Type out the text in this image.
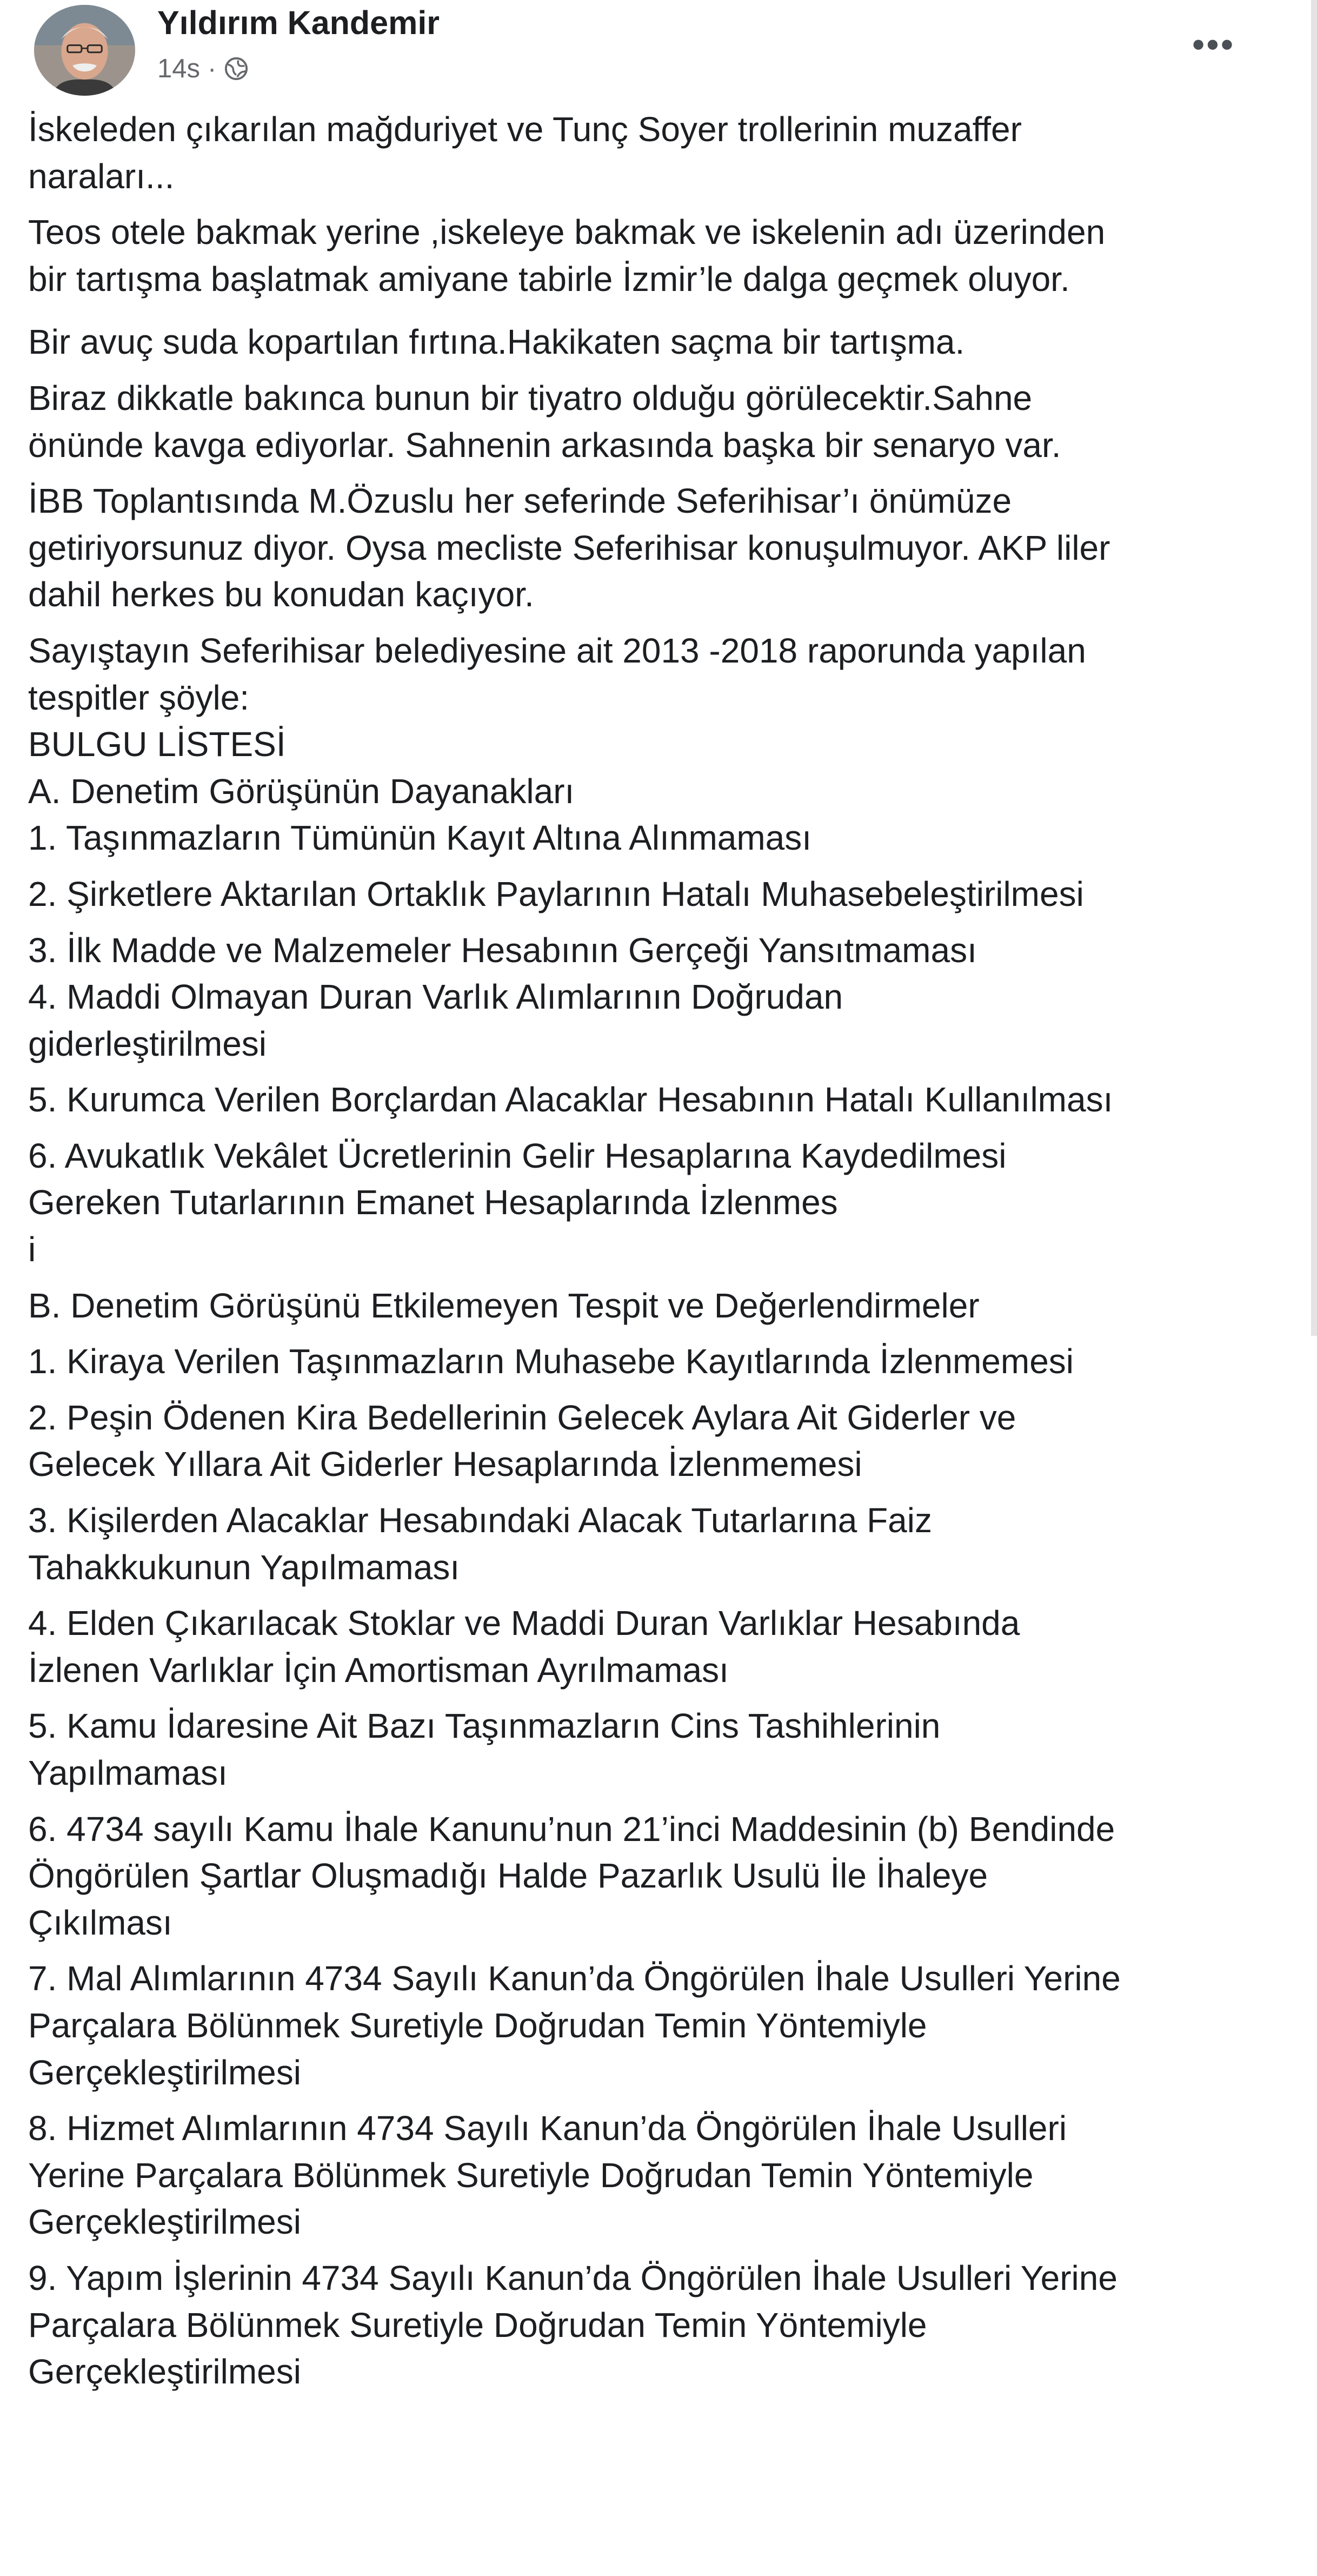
Yıldırım Kandemir
14s ·
•••

İskeleden çıkarılan mağduriyet ve Tunç Soyer trollerinin muzaffer
naraları...

Teos otele bakmak yerine ,iskeleye bakmak ve iskelenin adı üzerinden
bir tartışma başlatmak amiyane tabirle İzmir’le dalga geçmek oluyor.

Bir avuç suda kopartılan fırtına.Hakikaten saçma bir tartışma.

Biraz dikkatle bakınca bunun bir tiyatro olduğu görülecektir.Sahne
önünde kavga ediyorlar. Sahnenin arkasında başka bir senaryo var.

İBB Toplantısında M.Özuslu her seferinde Seferihisar’ı önümüze
getiriyorsunuz diyor. Oysa mecliste Seferihisar konuşulmuyor. AKP liler
dahil herkes bu konudan kaçıyor.

Sayıştayın Seferihisar belediyesine ait 2013 -2018 raporunda yapılan
tespitler şöyle:
BULGU LİSTESİ
A. Denetim Görüşünün Dayanakları
1. Taşınmazların Tümünün Kayıt Altına Alınmaması

2. Şirketlere Aktarılan Ortaklık Paylarının Hatalı Muhasebeleştirilmesi

3. İlk Madde ve Malzemeler Hesabının Gerçeği Yansıtmaması
4. Maddi Olmayan Duran Varlık Alımlarının Doğrudan
giderleştirilmesi

5. Kurumca Verilen Borçlardan Alacaklar Hesabının Hatalı Kullanılması

6. Avukatlık Vekâlet Ücretlerinin Gelir Hesaplarına Kaydedilmesi
Gereken Tutarlarının Emanet Hesaplarında İzlenmes
i

B. Denetim Görüşünü Etkilemeyen Tespit ve Değerlendirmeler

1. Kiraya Verilen Taşınmazların Muhasebe Kayıtlarında İzlenmemesi

2. Peşin Ödenen Kira Bedellerinin Gelecek Aylara Ait Giderler ve
Gelecek Yıllara Ait Giderler Hesaplarında İzlenmemesi

3. Kişilerden Alacaklar Hesabındaki Alacak Tutarlarına Faiz
Tahakkukunun Yapılmaması

4. Elden Çıkarılacak Stoklar ve Maddi Duran Varlıklar Hesabında
İzlenen Varlıklar İçin Amortisman Ayrılmaması

5. Kamu İdaresine Ait Bazı Taşınmazların Cins Tashihlerinin
Yapılmaması

6. 4734 sayılı Kamu İhale Kanunu’nun 21’inci Maddesinin (b) Bendinde
Öngörülen Şartlar Oluşmadığı Halde Pazarlık Usulü İle İhaleye
Çıkılması

7. Mal Alımlarının 4734 Sayılı Kanun’da Öngörülen İhale Usulleri Yerine
Parçalara Bölünmek Suretiyle Doğrudan Temin Yöntemiyle
Gerçekleştirilmesi

8. Hizmet Alımlarının 4734 Sayılı Kanun’da Öngörülen İhale Usulleri
Yerine Parçalara Bölünmek Suretiyle Doğrudan Temin Yöntemiyle
Gerçekleştirilmesi

9. Yapım İşlerinin 4734 Sayılı Kanun’da Öngörülen İhale Usulleri Yerine
Parçalara Bölünmek Suretiyle Doğrudan Temin Yöntemiyle
Gerçekleştirilmesi
